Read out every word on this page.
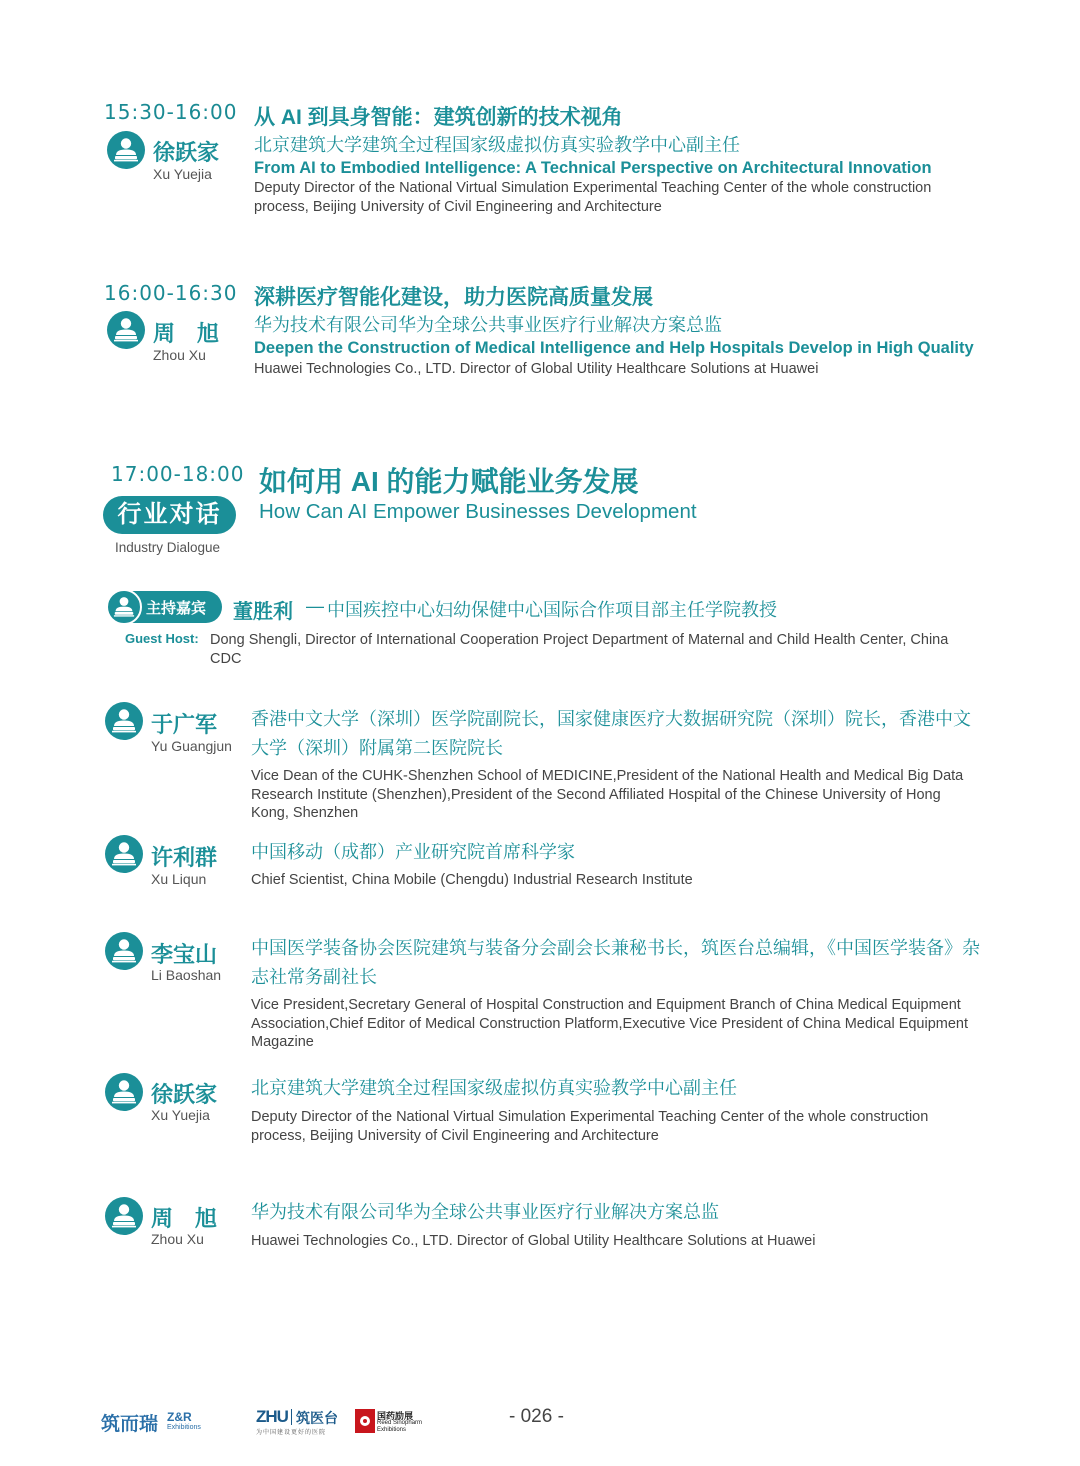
15:30-16:00
徐跃家
Xu Yuejia
从 AI 到具身智能：建筑创新的技术视角
北京建筑大学建筑全过程国家级虚拟仿真实验教学中心副主任
From AI to Embodied Intelligence: A Technical Perspective on Architectural Innovation
Deputy Director of the National Virtual Simulation Experimental Teaching Center of the whole construction process, Beijing University of Civil Engineering and Architecture
16:00-16:30
周　旭
Zhou Xu
深耕医疗智能化建设，助力医院高质量发展
华为技术有限公司华为全球公共事业医疗行业解决方案总监
Deepen the Construction of Medical Intelligence and Help Hospitals Develop in High Quality
Huawei Technologies Co., LTD. Director of Global Utility Healthcare Solutions at Huawei
17:00-18:00
行业对话
Industry Dialogue
如何用 AI 的能力赋能业务发展
How Can AI Empower Businesses Development
主持嘉宾 董胜利 — 中国疾控中心妇幼保健中心国际合作项目部主任学院教授
Guest Host: Dong Shengli, Director of International Cooperation Project Department of Maternal and Child Health Center, China CDC
于广军
Yu Guangjun
香港中文大学（深圳）医学院副院长，国家健康医疗大数据研究院（深圳）院长，香港中文大学（深圳）附属第二医院院长
Vice Dean of the CUHK-Shenzhen School of MEDICINE,President of the National Health and Medical Big Data Research Institute (Shenzhen),President of the Second Affiliated Hospital of the Chinese University of Hong Kong, Shenzhen
许利群
Xu Liqun
中国移动（成都）产业研究院首席科学家
Chief Scientist, China Mobile (Chengdu) Industrial Research Institute
李宝山
Li Baoshan
中国医学装备协会医院建筑与装备分会副会长兼秘书长，筑医台总编辑，《中国医学装备》杂志社常务副社长
Vice President,Secretary General of Hospital Construction and Equipment Branch of China Medical Equipment Association,Chief Editor of Medical Construction Platform,Executive Vice President of China Medical Equipment Magazine
徐跃家
Xu Yuejia
北京建筑大学建筑全过程国家级虚拟仿真实验教学中心副主任
Deputy Director of the National Virtual Simulation Experimental Teaching Center of the whole construction process, Beijing University of Civil Engineering and Architecture
周　旭
Zhou Xu
华为技术有限公司华为全球公共事业医疗行业解决方案总监
Huawei Technologies Co., LTD. Director of Global Utility Healthcare Solutions at Huawei
筑而瑞 Z&R
Exhibitions
ZHU 筑医台
为中国建设更好的医院
国药励展
Reed Sinopharm
Exhibitions
- 026 -
